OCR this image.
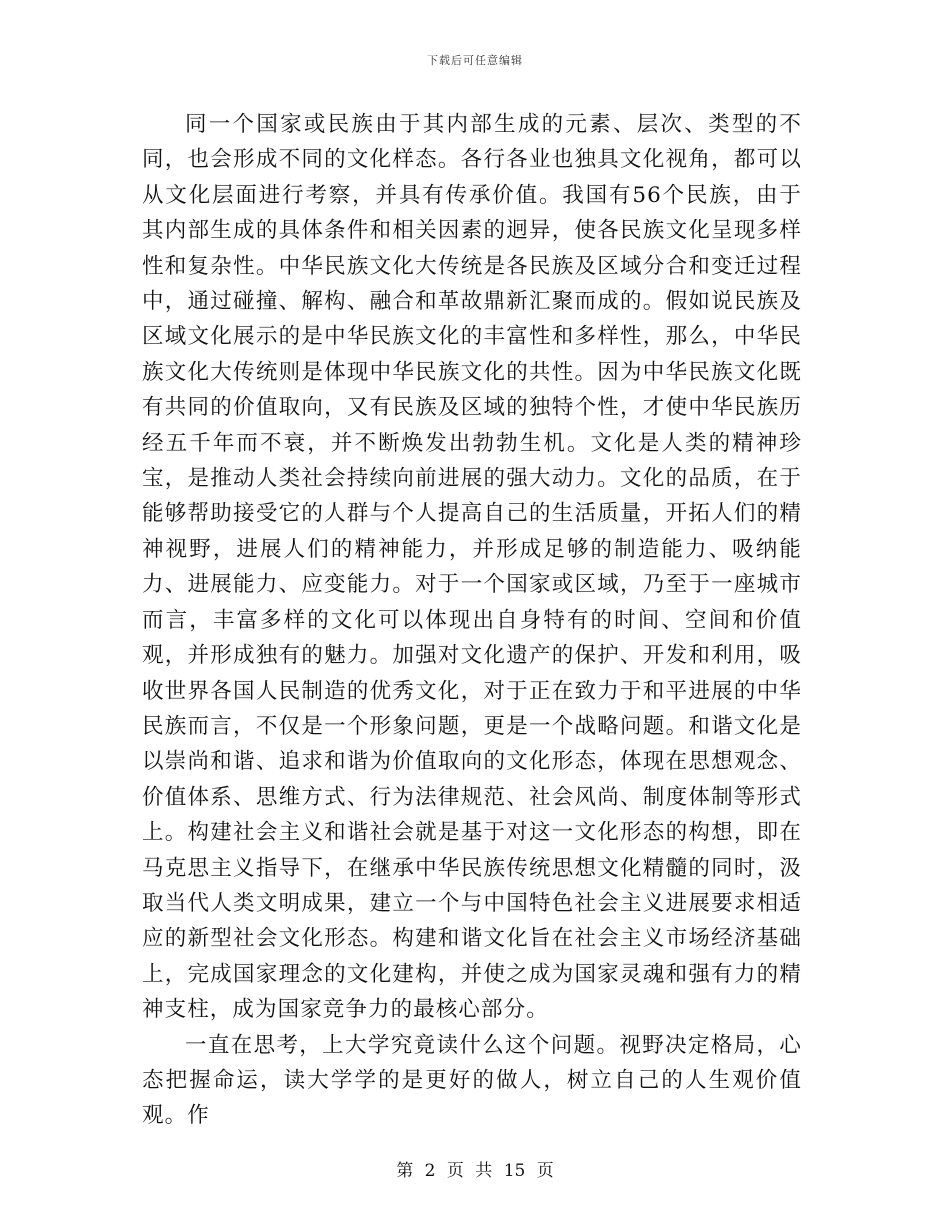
下载后可任意编辑

同一个国家或民族由于其内部生成的元素、层次、类型的不同，也会形成不同的文化样态。各行各业也独具文化视角，都可以从文化层面进行考察，并具有传承价值。我国有56个民族，由于其内部生成的具体条件和相关因素的迥异，使各民族文化呈现多样性和复杂性。中华民族文化大传统是各民族及区域分合和变迁过程中，通过碰撞、解构、融合和革故鼎新汇聚而成的。假如说民族及区域文化展示的是中华民族文化的丰富性和多样性，那么，中华民族文化大传统则是体现中华民族文化的共性。因为中华民族文化既有共同的价值取向，又有民族及区域的独特个性，才使中华民族历经五千年而不衰，并不断焕发出勃勃生机。文化是人类的精神珍宝，是推动人类社会持续向前进展的强大动力。文化的品质，在于能够帮助接受它的人群与个人提高自己的生活质量，开拓人们的精神视野，进展人们的精神能力，并形成足够的制造能力、吸纳能力、进展能力、应变能力。对于一个国家或区域，乃至于一座城市而言，丰富多样的文化可以体现出自身特有的时间、空间和价值观，并形成独有的魅力。加强对文化遗产的保护、开发和利用，吸收世界各国人民制造的优秀文化，对于正在致力于和平进展的中华民族而言，不仅是一个形象问题，更是一个战略问题。和谐文化是以崇尚和谐、追求和谐为价值取向的文化形态，体现在思想观念、价值体系、思维方式、行为法律规范、社会风尚、制度体制等形式上。构建社会主义和谐社会就是基于对这一文化形态的构想，即在马克思主义指导下，在继承中华民族传统思想文化精髓的同时，汲取当代人类文明成果，建立一个与中国特色社会主义进展要求相适应的新型社会文化形态。构建和谐文化旨在社会主义市场经济基础上，完成国家理念的文化建构，并使之成为国家灵魂和强有力的精神支柱，成为国家竞争力的最核心部分。

一直在思考，上大学究竟读什么这个问题。视野决定格局，心态把握命运，读大学学的是更好的做人，树立自己的人生观价值观。作

第 2 页 共 15 页
